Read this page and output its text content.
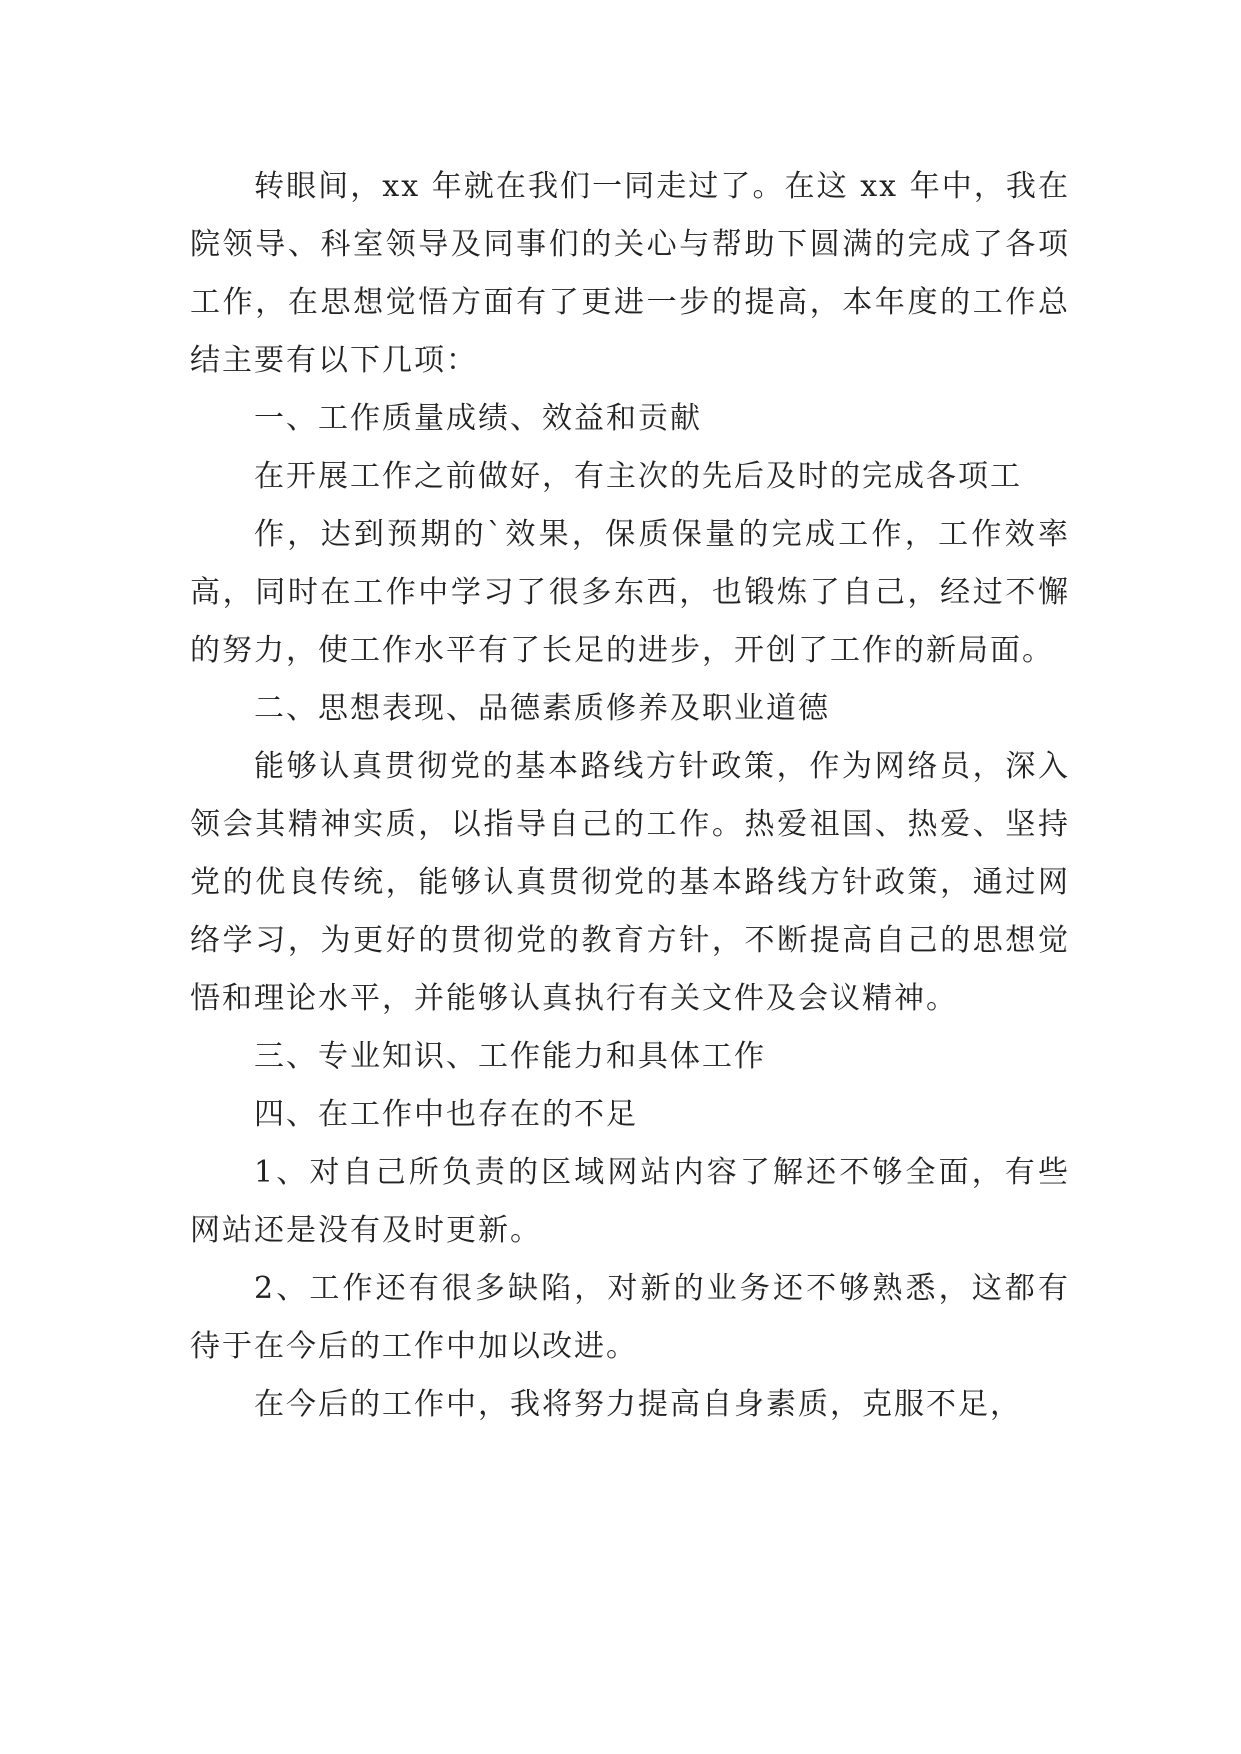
转眼间，xx 年就在我们一同走过了。在这 xx 年中，我在院领导、科室领导及同事们的关心与帮助下圆满的完成了各项工作，在思想觉悟方面有了更进一步的提高，本年度的工作总结主要有以下几项：

一、工作质量成绩、效益和贡献

在开展工作之前做好，有主次的先后及时的完成各项工

作，达到预期的`效果，保质保量的完成工作，工作效率高，同时在工作中学习了很多东西，也锻炼了自己，经过不懈的努力，使工作水平有了长足的进步，开创了工作的新局面。

二、思想表现、品德素质修养及职业道德

能够认真贯彻党的基本路线方针政策，作为网络员，深入领会其精神实质，以指导自己的工作。热爱祖国、热爱、坚持党的优良传统，能够认真贯彻党的基本路线方针政策，通过网络学习，为更好的贯彻党的教育方针，不断提高自己的思想觉悟和理论水平，并能够认真执行有关文件及会议精神。

三、专业知识、工作能力和具体工作

四、在工作中也存在的不足

1、对自己所负责的区域网站内容了解还不够全面，有些网站还是没有及时更新。

2、工作还有很多缺陷，对新的业务还不够熟悉，这都有待于在今后的工作中加以改进。

在今后的工作中，我将努力提高自身素质，克服不足，
